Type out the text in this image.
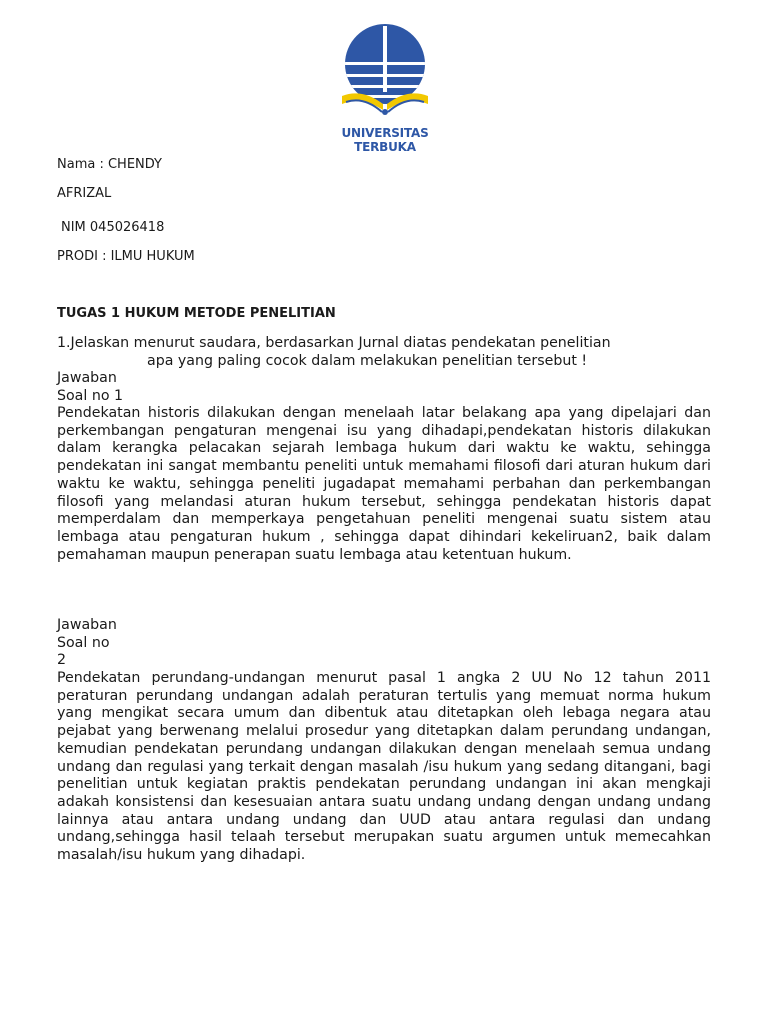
UNIVERSITAS TERBUKA
Nama : CHENDY
AFRIZAL
NIM 045026418
PRODI : ILMU HUKUM
TUGAS 1 HUKUM METODE PENELITIAN
1.Jelaskan menurut saudara, berdasarkan Jurnal diatas pendekatan penelitian
apa yang paling cocok dalam melakukan penelitian tersebut !
Jawaban
Soal no 1
Pendekatan historis dilakukan dengan menelaah latar belakang apa yang dipelajari dan perkembangan pengaturan mengenai isu yang dihadapi,pendekatan historis dilakukan dalam kerangka pelacakan sejarah lembaga hukum dari waktu ke waktu, sehingga pendekatan ini sangat membantu peneliti untuk memahami filosofi dari aturan hukum dari waktu ke waktu, sehingga peneliti jugadapat memahami perbahan dan perkembangan filosofi yang melandasi aturan hukum tersebut, sehingga pendekatan historis dapat memperdalam dan memperkaya pengetahuan peneliti mengenai suatu sistem atau lembaga atau pengaturan hukum , sehingga dapat dihindari kekeliruan2, baik dalam pemahaman maupun penerapan suatu lembaga atau ketentuan hukum.
Jawaban
Soal no
2
Pendekatan perundang-undangan menurut pasal 1 angka 2 UU No 12 tahun 2011 peraturan perundang undangan adalah peraturan tertulis yang memuat norma hukum yang mengikat secara umum dan dibentuk atau ditetapkan oleh lebaga negara atau pejabat yang berwenang melalui prosedur yang ditetapkan dalam perundang undangan, kemudian pendekatan perundang undangan dilakukan dengan menelaah semua undang undang dan regulasi yang terkait dengan masalah /isu hukum yang sedang ditangani, bagi penelitian untuk kegiatan praktis pendekatan perundang undangan ini akan mengkaji adakah konsistensi dan kesesuaian antara suatu undang undang dengan undang undang lainnya atau antara undang undang dan UUD atau antara regulasi dan undang undang,sehingga hasil telaah tersebut merupakan suatu argumen untuk memecahkan masalah/isu hukum yang dihadapi.
